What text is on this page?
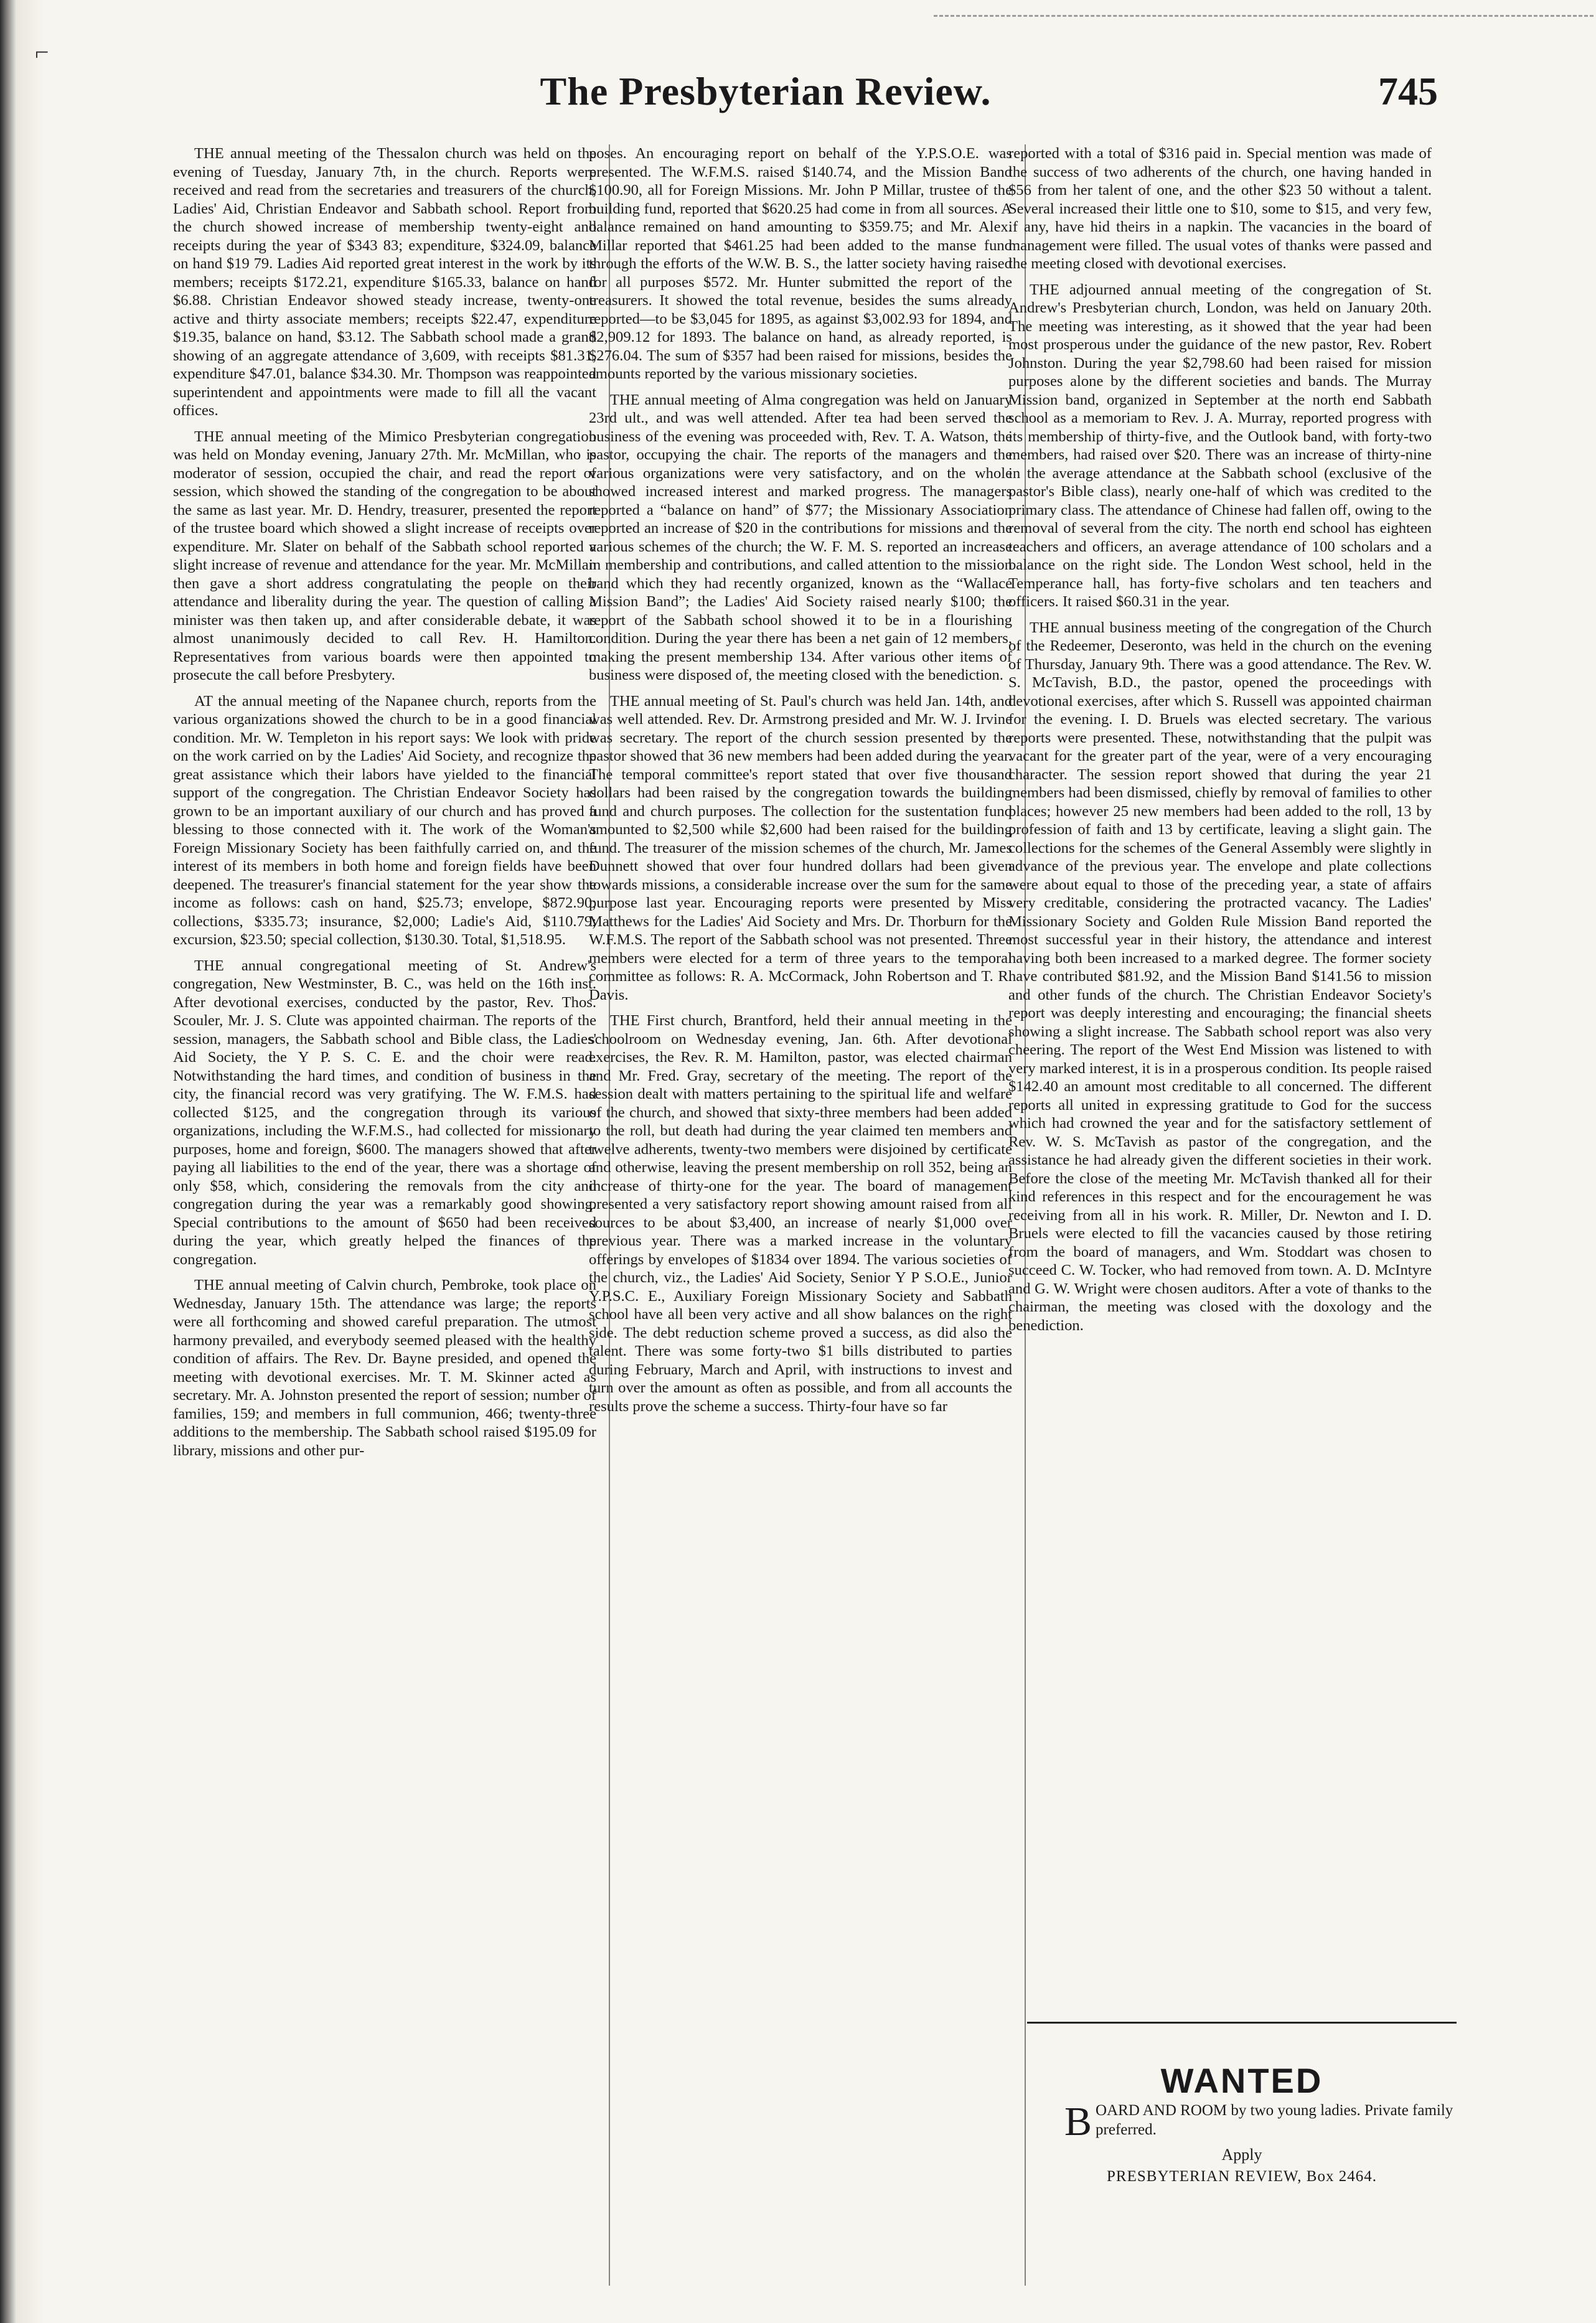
⌐
The Presbyterian Review.	745

THE annual meeting of the Thessalon church was held on the evening of Tuesday, January 7th, in the church. Reports were received and read from the secretaries and treasurers of the church, Ladies' Aid, Christian Endeavor and Sabbath school. Report from the church showed increase of membership twenty-eight and receipts during the year of $343 83; expenditure, $324.09, balance on hand $19 79. Ladies Aid reported great interest in the work by its members; receipts $172.21, expenditure $165.33, balance on hand $6.88. Christian Endeavor showed steady increase, twenty-one active and thirty associate members; receipts $22.47, expenditure $19.35, balance on hand, $3.12. The Sabbath school made a grand showing of an aggregate attendance of 3,609, with receipts $81.31, expenditure $47.01, balance $34.30. Mr. Thompson was reappointed superintendent and appointments were made to fill all the vacant offices.

THE annual meeting of the Mimico Presbyterian congregation was held on Monday evening, January 27th. Mr. McMillan, who is moderator of session, occupied the chair, and read the report of session, which showed the standing of the congregation to be about the same as last year. Mr. D. Hendry, treasurer, presented the report of the trustee board which showed a slight increase of receipts over expenditure. Mr. Slater on behalf of the Sabbath school reported a slight increase of revenue and attendance for the year. Mr. McMillan then gave a short address congratulating the people on their attendance and liberality during the year. The question of calling a minister was then taken up, and after considerable debate, it was almost unanimously decided to call Rev. H. Hamilton. Representatives from various boards were then appointed to prosecute the call before Presbytery.

AT the annual meeting of the Napanee church, reports from the various organizations showed the church to be in a good financial condition. Mr. W. Templeton in his report says: We look with pride on the work carried on by the Ladies' Aid Society, and recognize the great assistance which their labors have yielded to the financial support of the congregation. The Christian Endeavor Society has grown to be an important auxiliary of our church and has proved a blessing to those connected with it. The work of the Woman's Foreign Missionary Society has been faithfully carried on, and the interest of its members in both home and foreign fields have been deepened. The treasurer's financial statement for the year show the income as follows: cash on hand, $25.73; envelope, $872.90; collections, $335.73; insurance, $2,000; Ladie's Aid, $110.79; excursion, $23.50; special collection, $130.30. Total, $1,518.95.

THE annual congregational meeting of St. Andrew's congregation, New Westminster, B. C., was held on the 16th inst. After devotional exercises, conducted by the pastor, Rev. Thos. Scouler, Mr. J. S. Clute was appointed chairman. The reports of the session, managers, the Sabbath school and Bible class, the Ladies' Aid Society, the Y P. S. C. E. and the choir were read. Notwithstanding the hard times, and condition of business in the city, the financial record was very gratifying. The W. F.M.S. had collected $125, and the congregation through its various organizations, including the W.F.M.S., had collected for missionary purposes, home and foreign, $600. The managers showed that after paying all liabilities to the end of the year, there was a shortage of only $58, which, considering the removals from the city and congregation during the year was a remarkably good showing. Special contributions to the amount of $650 had been received during the year, which greatly helped the finances of the congregation.

THE annual meeting of Calvin church, Pembroke, took place on Wednesday, January 15th. The attendance was large; the reports were all forthcoming and showed careful preparation. The utmost harmony prevailed, and everybody seemed pleased with the healthy condition of affairs. The Rev. Dr. Bayne presided, and opened the meeting with devotional exercises. Mr. T. M. Skinner acted as secretary. Mr. A. Johnston presented the report of session; number of families, 159; and members in full communion, 466; twenty-three additions to the membership. The Sabbath school raised $195.09 for library, missions and other pur-

poses. An encouraging report on behalf of the Y.P.S.O.E. was presented. The W.F.M.S. raised $140.74, and the Mission Band $100.90, all for Foreign Missions. Mr. John P Millar, trustee of the building fund, reported that $620.25 had come in from all sources. A balance remained on hand amounting to $359.75; and Mr. Alex. Millar reported that $461.25 had been added to the manse fund through the efforts of the W.W. B. S., the latter society having raised for all purposes $572. Mr. Hunter submitted the report of the treasurers. It showed the total revenue, besides the sums already reported—to be $3,045 for 1895, as against $3,002.93 for 1894, and $2,909.12 for 1893. The balance on hand, as already reported, is $276.04. The sum of $357 had been raised for missions, besides the amounts reported by the various missionary societies.

THE annual meeting of Alma congregation was held on January 23rd ult., and was well attended. After tea had been served the business of the evening was proceeded with, Rev. T. A. Watson, the pastor, occupying the chair. The reports of the managers and the various organizations were very satisfactory, and on the whole showed increased interest and marked progress. The managers reported a “balance on hand” of $77; the Missionary Association reported an increase of $20 in the contributions for missions and the various schemes of the church; the W. F. M. S. reported an increase in membership and contributions, and called attention to the mission band which they had recently organized, known as the “Wallace Mission Band”; the Ladies' Aid Society raised nearly $100; the report of the Sabbath school showed it to be in a flourishing condition. During the year there has been a net gain of 12 members, making the present membership 134. After various other items of business were disposed of, the meeting closed with the benediction.

THE annual meeting of St. Paul's church was held Jan. 14th, and was well attended. Rev. Dr. Armstrong presided and Mr. W. J. Irvine was secretary. The report of the church session presented by the pastor showed that 36 new members had been added during the year. The temporal committee's report stated that over five thousand dollars had been raised by the congregation towards the building fund and church purposes. The collection for the sustentation fund amounted to $2,500 while $2,600 had been raised for the building fund. The treasurer of the mission schemes of the church, Mr. James Dunnett showed that over four hundred dollars had been given towards missions, a considerable increase over the sum for the same purpose last year. Encouraging reports were presented by Miss Matthews for the Ladies' Aid Society and Mrs. Dr. Thorburn for the W.F.M.S. The report of the Sabbath school was not presented. Three members were elected for a term of three years to the temporal committee as follows: R. A. McCormack, John Robertson and T. R. Davis.

THE First church, Brantford, held their annual meeting in the schoolroom on Wednesday evening, Jan. 6th. After devotional exercises, the Rev. R. M. Hamilton, pastor, was elected chairman and Mr. Fred. Gray, secretary of the meeting. The report of the session dealt with matters pertaining to the spiritual life and welfare of the church, and showed that sixty-three members had been added to the roll, but death had during the year claimed ten members and twelve adherents, twenty-two members were disjoined by certificate and otherwise, leaving the present membership on roll 352, being an increase of thirty-one for the year. The board of management presented a very satisfactory report showing amount raised from all sources to be about $3,400, an increase of nearly $1,000 over previous year. There was a marked increase in the voluntary offerings by envelopes of $1834 over 1894. The various societies of the church, viz., the Ladies' Aid Society, Senior Y P S.O.E., Junior Y.P.S.C. E., Auxiliary Foreign Missionary Society and Sabbath school have all been very active and all show balances on the right side. The debt reduction scheme proved a success, as did also the talent. There was some forty-two $1 bills distributed to parties during February, March and April, with instructions to invest and turn over the amount as often as possible, and from all accounts the results prove the scheme a success. Thirty-four have so far

reported with a total of $316 paid in. Special mention was made of the success of two adherents of the church, one having handed in $56 from her talent of one, and the other $23 50 without a talent. Several increased their little one to $10, some to $15, and very few, if any, have hid theirs in a napkin. The vacancies in the board of management were filled. The usual votes of thanks were passed and the meeting closed with devotional exercises.

THE adjourned annual meeting of the congregation of St. Andrew's Presbyterian church, London, was held on January 20th. The meeting was interesting, as it showed that the year had been most prosperous under the guidance of the new pastor, Rev. Robert Johnston. During the year $2,798.60 had been raised for mission purposes alone by the different societies and bands. The Murray Mission band, organized in September at the north end Sabbath school as a memoriam to Rev. J. A. Murray, reported progress with its membership of thirty-five, and the Outlook band, with forty-two members, had raised over $20. There was an increase of thirty-nine in the average attendance at the Sabbath school (exclusive of the pastor's Bible class), nearly one-half of which was credited to the primary class. The attendance of Chinese had fallen off, owing to the removal of several from the city. The north end school has eighteen teachers and officers, an average attendance of 100 scholars and a balance on the right side. The London West school, held in the Temperance hall, has forty-five scholars and ten teachers and officers. It raised $60.31 in the year.

THE annual business meeting of the congregation of the Church of the Redeemer, Deseronto, was held in the church on the evening of Thursday, January 9th. There was a good attendance. The Rev. W. S. McTavish, B.D., the pastor, opened the proceedings with devotional exercises, after which S. Russell was appointed chairman for the evening. I. D. Bruels was elected secretary. The various reports were presented. These, notwithstanding that the pulpit was vacant for the greater part of the year, were of a very encouraging character. The session report showed that during the year 21 members had been dismissed, chiefly by removal of families to other places; however 25 new members had been added to the roll, 13 by profession of faith and 13 by certificate, leaving a slight gain. The collections for the schemes of the General Assembly were slightly in advance of the previous year. The envelope and plate collections were about equal to those of the preceding year, a state of affairs very creditable, considering the protracted vacancy. The Ladies' Missionary Society and Golden Rule Mission Band reported the most successful year in their history, the attendance and interest having both been increased to a marked degree. The former society have contributed $81.92, and the Mission Band $141.56 to mission and other funds of the church. The Christian Endeavor Society's report was deeply interesting and encouraging; the financial sheets showing a slight increase. The Sabbath school report was also very cheering. The report of the West End Mission was listened to with very marked interest, it is in a prosperous condition. Its people raised $142.40 an amount most creditable to all concerned. The different reports all united in expressing gratitude to God for the success which had crowned the year and for the satisfactory settlement of Rev. W. S. McTavish as pastor of the congregation, and the assistance he had already given the different societies in their work. Before the close of the meeting Mr. McTavish thanked all for their kind references in this respect and for the encouragement he was receiving from all in his work. R. Miller, Dr. Newton and I. D. Bruels were elected to fill the vacancies caused by those retiring from the board of managers, and Wm. Stoddart was chosen to succeed C. W. Tocker, who had removed from town. A. D. McIntyre and G. W. Wright were chosen auditors. After a vote of thanks to the chairman, the meeting was closed with the doxology and the benediction.

WANTED
B OARD AND ROOM by two young ladies. Private family preferred.
Apply
PRESBYTERIAN REVIEW, Box 2464.
